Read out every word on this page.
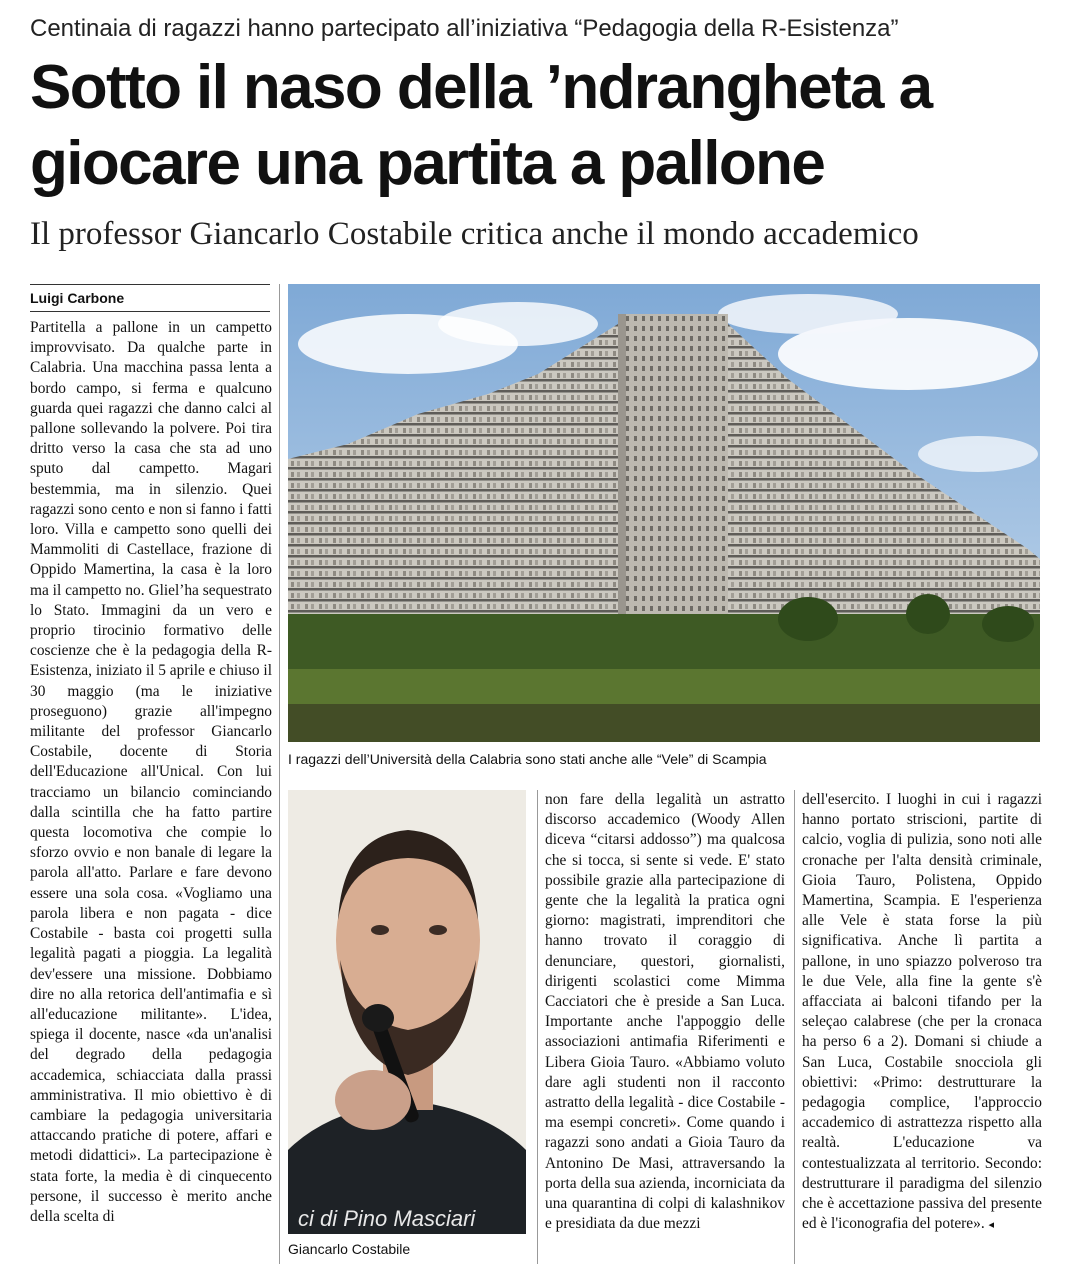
Centinaia di ragazzi hanno partecipato all’iniziativa “Pedagogia della R-Esistenza”
Sotto il naso della ’ndrangheta a giocare una partita a pallone
Il professor Giancarlo Costabile critica anche il mondo accademico
Luigi Carbone
Partitella a pallone in un campetto improvvisato. Da qualche parte in Calabria. Una macchina passa lenta a bordo campo, si ferma e qualcuno guarda quei ragazzi che danno calci al pallone sollevando la polvere. Poi tira dritto verso la casa che sta ad uno sputo dal campetto. Magari bestemmia, ma in silenzio. Quei ragazzi sono cento e non si fanno i fatti loro. Villa e campetto sono quelli dei Mammoliti di Castellace, frazione di Oppido Mamertina, la casa è la loro ma il campetto no. Gliel’ha sequestrato lo Stato. Immagini da un vero e proprio tirocinio formativo delle coscienze che è la pedagogia della R-Esistenza, iniziato il 5 aprile e chiuso il 30 maggio (ma le iniziative proseguono) grazie all'impegno militante del professor Giancarlo Costabile, docente di Storia dell'Educazione all'Unical. Con lui tracciamo un bilancio cominciando dalla scintilla che ha fatto partire questa locomotiva che compie lo sforzo ovvio e non banale di legare la parola all'atto. Parlare e fare devono essere una sola cosa. «Vogliamo una parola libera e non pagata - dice Costabile - basta coi progetti sulla legalità pagati a pioggia. La legalità dev'essere una missione. Dobbiamo dire no alla retorica dell'antimafia e sì all'educazione militante». L'idea, spiega il docente, nasce «da un'analisi del degrado della pedagogia accademica, schiacciata dalla prassi amministrativa. Il mio obiettivo è di cambiare la pedagogia universitaria attaccando pratiche di potere, affari e metodi didattici». La partecipazione è stata forte, la media è di cinquecento persone, il successo è merito anche della scelta di
I ragazzi dell’Università della Calabria sono stati anche alle “Vele” di Scampia
ci di Pino Masciari
Giancarlo Costabile
non fare della legalità un astratto discorso accademico (Woody Allen diceva “citarsi addosso”) ma qualcosa che si tocca, si sente si vede. E' stato possibile grazie alla partecipazione di gente che la legalità la pratica ogni giorno: magistrati, imprenditori che hanno trovato il coraggio di denunciare, questori, giornalisti, dirigenti scolastici come Mimma Cacciatori che è preside a San Luca. Importante anche l'appoggio delle associazioni antimafia Riferimenti e Libera Gioia Tauro. «Abbiamo voluto dare agli studenti non il racconto astratto della legalità - dice Costabile - ma esempi concreti». Come quando i ragazzi sono andati a Gioia Tauro da Antonino De Masi, attraversando la porta della sua azienda, incorniciata da una quarantina di colpi di kalashnikov e presidiata da due mezzi
dell'esercito. I luoghi in cui i ragazzi hanno portato striscioni, partite di calcio, voglia di pulizia, sono noti alle cronache per l'alta densità criminale, Gioia Tauro, Polistena, Oppido Mamertina, Scampia. E l'esperienza alle Vele è stata forse la più significativa. Anche lì partita a pallone, in uno spiazzo polveroso tra le due Vele, alla fine la gente s'è affacciata ai balconi tifando per la seleçao calabrese (che per la cronaca ha perso 6 a 2). Domani si chiude a San Luca, Costabile snocciola gli obiettivi: «Primo: destrutturare la pedagogia complice, l'approccio accademico di astrattezza rispetto alla realtà. L'educazione va contestualizzata al territorio. Secondo: destrutturare il paradigma del silenzio che è accettazione passiva del presente ed è l'iconografia del potere». ◂
